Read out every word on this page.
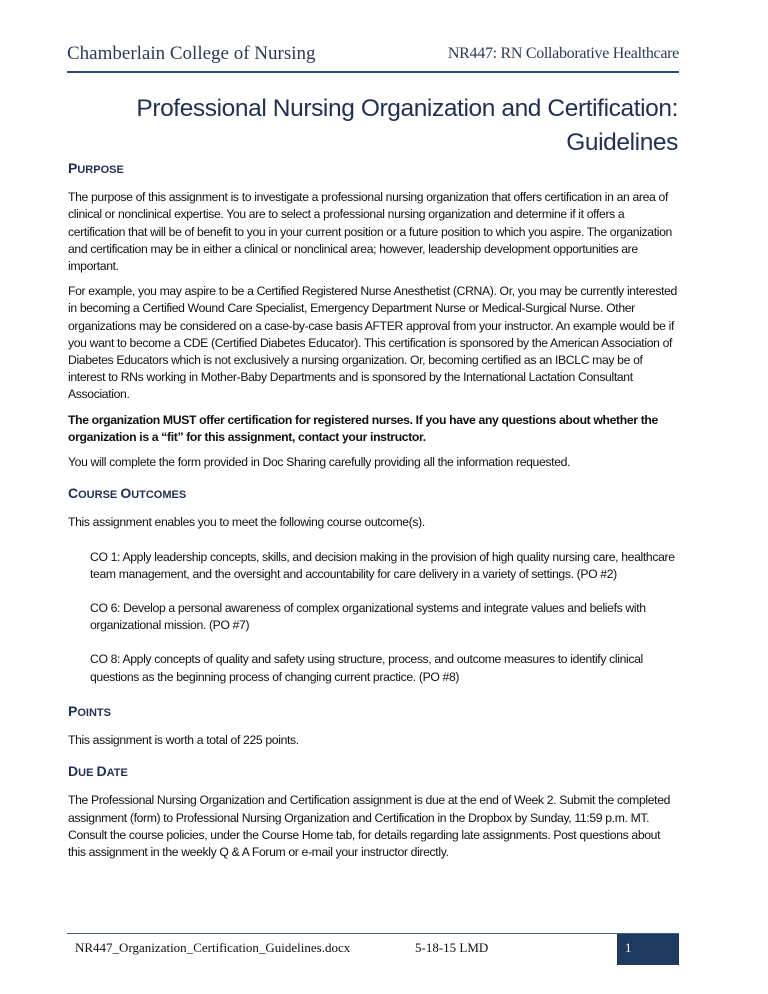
Chamberlain College of Nursing	NR447: RN Collaborative Healthcare
Professional Nursing Organization and Certification:
Guidelines
PURPOSE

The purpose of this assignment is to investigate a professional nursing organization that offers certification in an area of clinical or nonclinical expertise. You are to select a professional nursing organization and determine if it offers a certification that will be of benefit to you in your current position or a future position to which you aspire. The organization and certification may be in either a clinical or nonclinical area; however, leadership development opportunities are important.

For example, you may aspire to be a Certified Registered Nurse Anesthetist (CRNA). Or, you may be currently interested in becoming a Certified Wound Care Specialist, Emergency Department Nurse or Medical-Surgical Nurse. Other organizations may be considered on a case-by-case basis AFTER approval from your instructor. An example would be if you want to become a CDE (Certified Diabetes Educator). This certification is sponsored by the American Association of Diabetes Educators which is not exclusively a nursing organization. Or, becoming certified as an IBCLC may be of interest to RNs working in Mother-Baby Departments and is sponsored by the International Lactation Consultant Association.

The organization MUST offer certification for registered nurses. If you have any questions about whether the organization is a “fit” for this assignment, contact your instructor.

You will complete the form provided in Doc Sharing carefully providing all the information requested.

COURSE OUTCOMES

This assignment enables you to meet the following course outcome(s).

CO 1: Apply leadership concepts, skills, and decision making in the provision of high quality nursing care, healthcare team management, and the oversight and accountability for care delivery in a variety of settings. (PO #2)

CO 6: Develop a personal awareness of complex organizational systems and integrate values and beliefs with organizational mission. (PO #7)

CO 8: Apply concepts of quality and safety using structure, process, and outcome measures to identify clinical questions as the beginning process of changing current practice. (PO #8)

POINTS

This assignment is worth a total of 225 points.

DUE DATE

The Professional Nursing Organization and Certification assignment is due at the end of Week 2. Submit the completed assignment (form) to Professional Nursing Organization and Certification in the Dropbox by Sunday, 11:59 p.m. MT. Consult the course policies, under the Course Home tab, for details regarding late assignments. Post questions about this assignment in the weekly Q & A Forum or e-mail your instructor directly.

NR447_Organization_Certification_Guidelines.docx	5-18-15 LMD	1
